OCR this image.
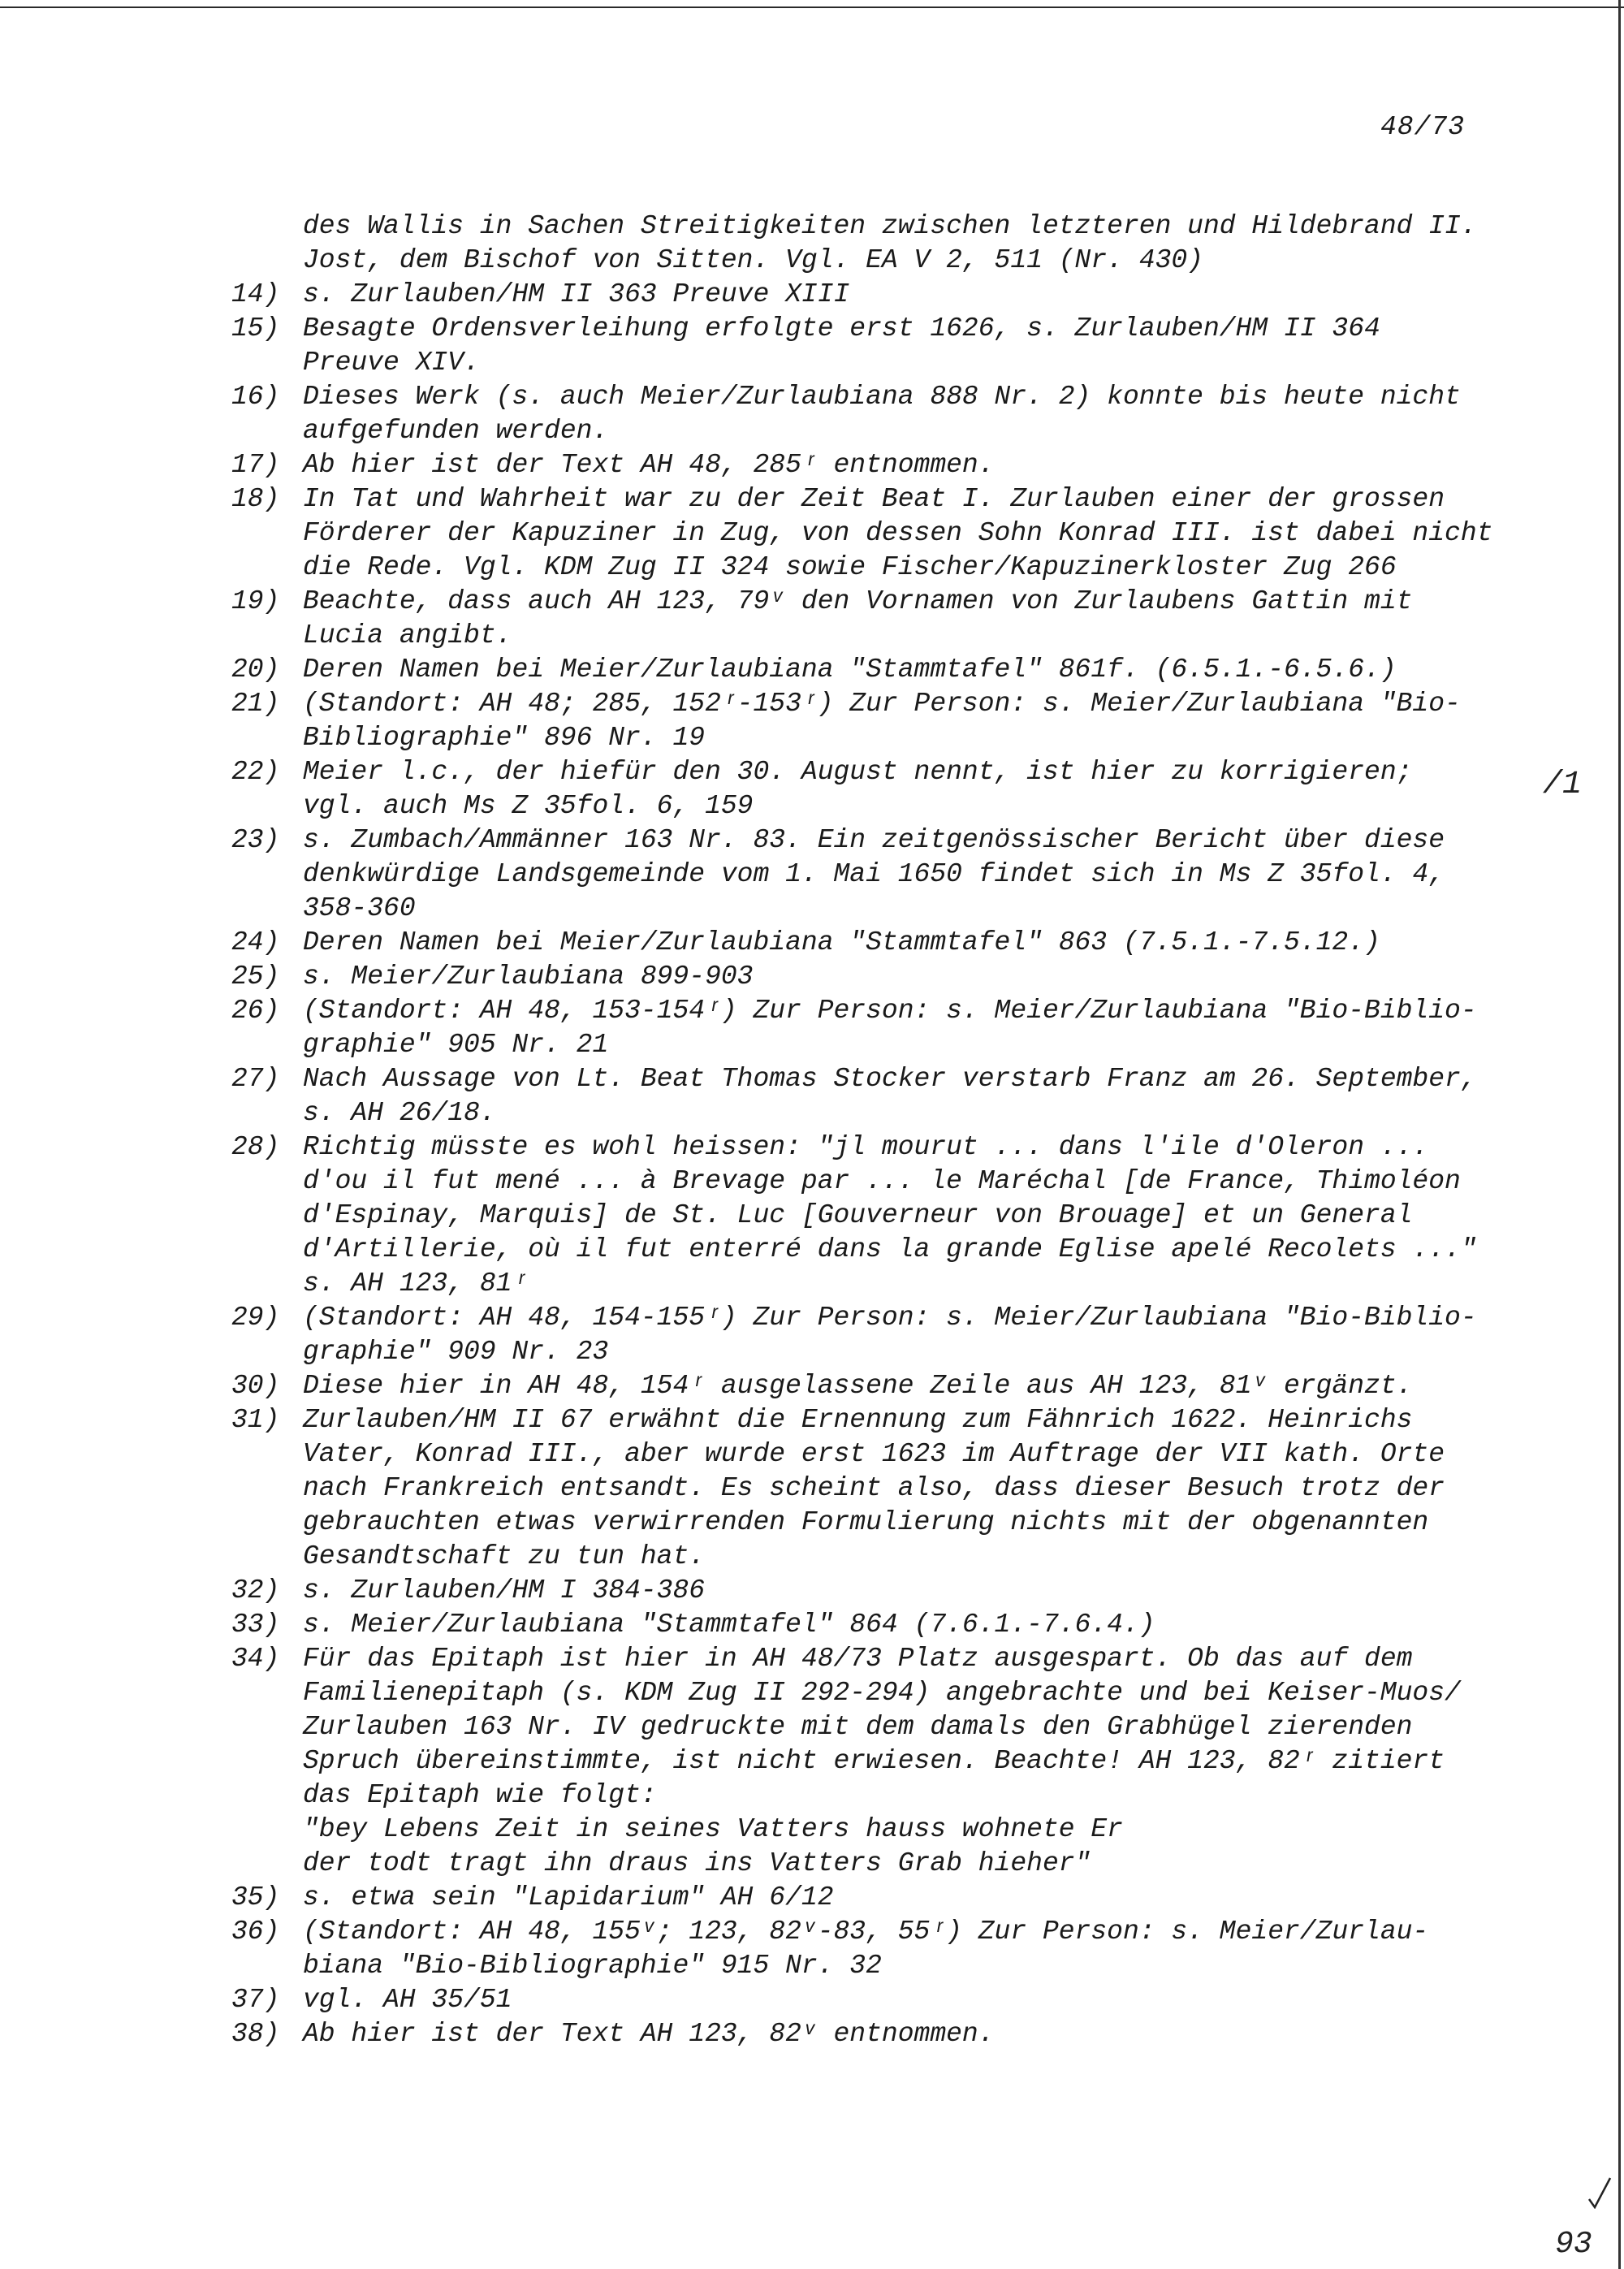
48/73
des Wallis in Sachen Streitigkeiten zwischen letzteren und Hildebrand II.
Jost, dem Bischof von Sitten. Vgl. EA V 2, 511 (Nr. 430)
14) s. Zurlauben/HM II 363 Preuve XIII
15) Besagte Ordensverleihung erfolgte erst 1626, s. Zurlauben/HM II 364
Preuve XIV.
16) Dieses Werk (s. auch Meier/Zurlaubiana 888 Nr. 2) konnte bis heute nicht
aufgefunden werden.
17) Ab hier ist der Text AH 48, 285ʳ entnommen.
18) In Tat und Wahrheit war zu der Zeit Beat I. Zurlauben einer der grossen
Förderer der Kapuziner in Zug, von dessen Sohn Konrad III. ist dabei nicht
die Rede. Vgl. KDM Zug II 324 sowie Fischer/Kapuzinerkloster Zug 266
19) Beachte, dass auch AH 123, 79ᵛ den Vornamen von Zurlaubens Gattin mit
Lucia angibt.
20) Deren Namen bei Meier/Zurlaubiana "Stammtafel" 861f. (6.5.1.-6.5.6.)
21) (Standort: AH 48; 285, 152ʳ-153ʳ) Zur Person: s. Meier/Zurlaubiana "Bio-
Bibliographie" 896 Nr. 19
22) Meier l.c., der hiefür den 30. August nennt, ist hier zu korrigieren;
vgl. auch Ms Z 35fol. 6, 159
23) s. Zumbach/Ammänner 163 Nr. 83. Ein zeitgenössischer Bericht über diese
denkwürdige Landsgemeinde vom 1. Mai 1650 findet sich in Ms Z 35fol. 4,
358-360
24) Deren Namen bei Meier/Zurlaubiana "Stammtafel" 863 (7.5.1.-7.5.12.)
25) s. Meier/Zurlaubiana 899-903
26) (Standort: AH 48, 153-154ʳ) Zur Person: s. Meier/Zurlaubiana "Bio-Biblio-
graphie" 905 Nr. 21
27) Nach Aussage von Lt. Beat Thomas Stocker verstarb Franz am 26. September,
s. AH 26/18.
28) Richtig müsste es wohl heissen: "jl mourut ... dans l'ile d'Oleron ...
d'ou il fut mené ... à Brevage par ... le Maréchal [de France, Thimoléon
d'Espinay, Marquis] de St. Luc [Gouverneur von Brouage] et un General
d'Artillerie, où il fut enterré dans la grande Eglise apelé Recolets ..."
s. AH 123, 81ʳ
29) (Standort: AH 48, 154-155ʳ) Zur Person: s. Meier/Zurlaubiana "Bio-Biblio-
graphie" 909 Nr. 23
30) Diese hier in AH 48, 154ʳ ausgelassene Zeile aus AH 123, 81ᵛ ergänzt.
31) Zurlauben/HM II 67 erwähnt die Ernennung zum Fähnrich 1622. Heinrichs
Vater, Konrad III., aber wurde erst 1623 im Auftrage der VII kath. Orte
nach Frankreich entsandt. Es scheint also, dass dieser Besuch trotz der
gebrauchten etwas verwirrenden Formulierung nichts mit der obgenannten
Gesandtschaft zu tun hat.
32) s. Zurlauben/HM I 384-386
33) s. Meier/Zurlaubiana "Stammtafel" 864 (7.6.1.-7.6.4.)
34) Für das Epitaph ist hier in AH 48/73 Platz ausgespart. Ob das auf dem
Familienepitaph (s. KDM Zug II 292-294) angebrachte und bei Keiser-Muos/
Zurlauben 163 Nr. IV gedruckte mit dem damals den Grabhügel zierenden
Spruch übereinstimmte, ist nicht erwiesen. Beachte! AH 123, 82ʳ zitiert
das Epitaph wie folgt:
"bey Lebens Zeit in seines Vatters hauss wohnete Er
der todt tragt ihn draus ins Vatters Grab hieher"
35) s. etwa sein "Lapidarium" AH 6/12
36) (Standort: AH 48, 155ᵛ; 123, 82ᵛ-83, 55ʳ) Zur Person: s. Meier/Zurlau-
biana "Bio-Bibliographie" 915 Nr. 32
37) vgl. AH 35/51
38) Ab hier ist der Text AH 123, 82ᵛ entnommen.
/1
93
